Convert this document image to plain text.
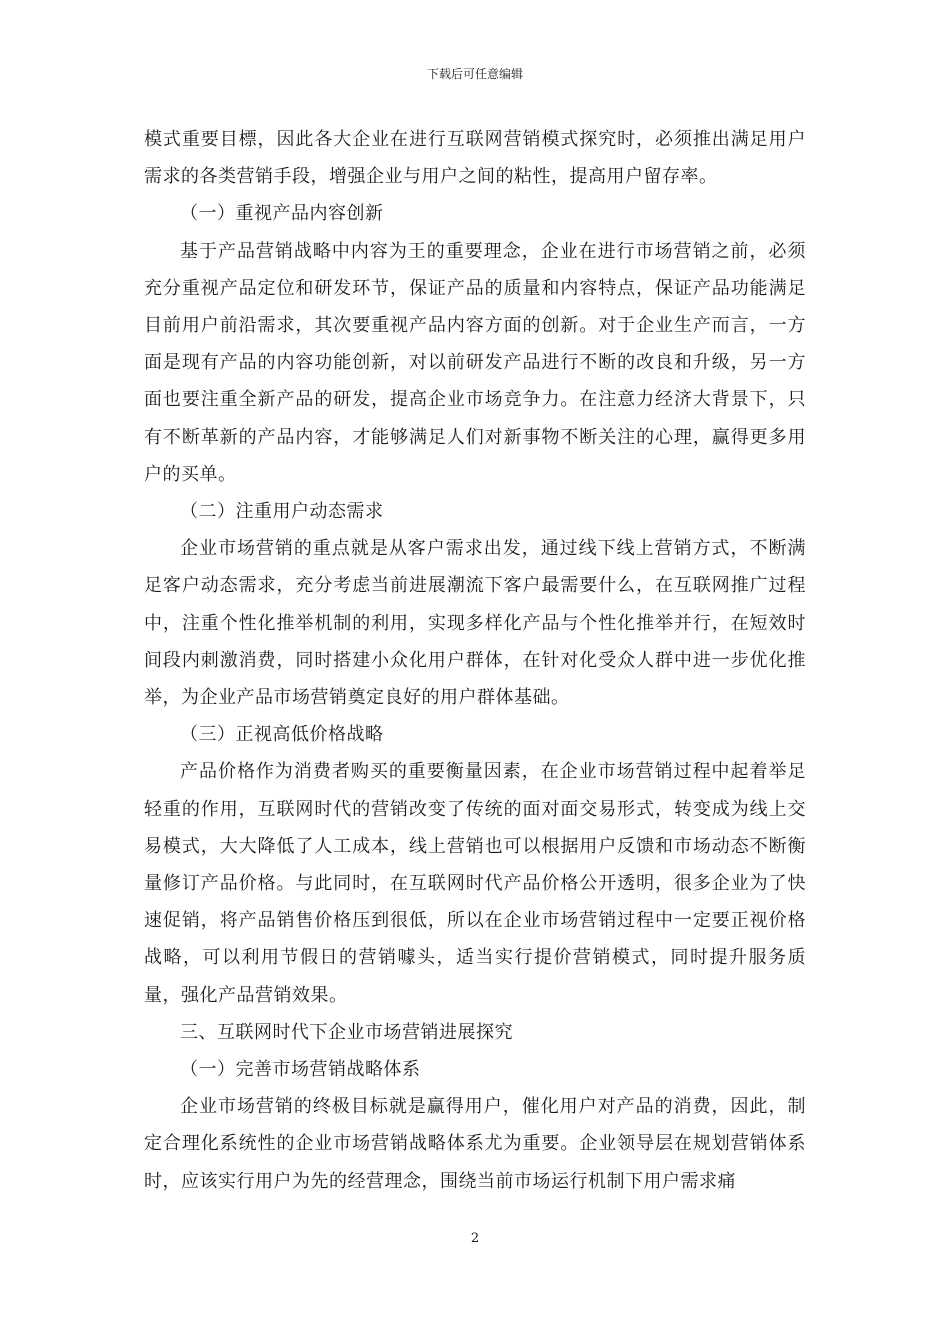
下载后可任意编辑

模式重要目標，因此各大企业在进行互联网营销模式探究时，必须推出满足用户需求的各类营销手段，增强企业与用户之间的粘性，提高用户留存率。

（一）重视产品内容创新

基于产品营销战略中内容为王的重要理念，企业在进行市场营销之前，必须充分重视产品定位和研发环节，保证产品的质量和内容特点，保证产品功能满足目前用户前沿需求，其次要重视产品内容方面的创新。对于企业生产而言，一方面是现有产品的内容功能创新，对以前研发产品进行不断的改良和升级，另一方面也要注重全新产品的研发，提高企业市场竞争力。在注意力经济大背景下，只有不断革新的产品内容，才能够满足人们对新事物不断关注的心理，赢得更多用户的买单。

（二）注重用户动态需求

企业市场营销的重点就是从客户需求出发，通过线下线上营销方式，不断满足客户动态需求，充分考虑当前进展潮流下客户最需要什么，在互联网推广过程中，注重个性化推举机制的利用，实现多样化产品与个性化推举并行，在短效时间段内刺激消费，同时搭建小众化用户群体，在针对化受众人群中进一步优化推举，为企业产品市场营销奠定良好的用户群体基础。

（三）正视高低价格战略

产品价格作为消费者购买的重要衡量因素，在企业市场营销过程中起着举足轻重的作用，互联网时代的营销改变了传统的面对面交易形式，转变成为线上交易模式，大大降低了人工成本，线上营销也可以根据用户反馈和市场动态不断衡量修订产品价格。与此同时，在互联网时代产品价格公开透明，很多企业为了快速促销，将产品销售价格压到很低，所以在企业市场营销过程中一定要正视价格战略，可以利用节假日的营销噱头，适当实行提价营销模式，同时提升服务质量，强化产品营销效果。

三、互联网时代下企业市场营销进展探究

（一）完善市场营销战略体系

企业市场营销的终极目标就是赢得用户，催化用户对产品的消费，因此，制定合理化系统性的企业市场营销战略体系尤为重要。企业领导层在规划营销体系时，应该实行用户为先的经营理念，围绕当前市场运行机制下用户需求痛

2
